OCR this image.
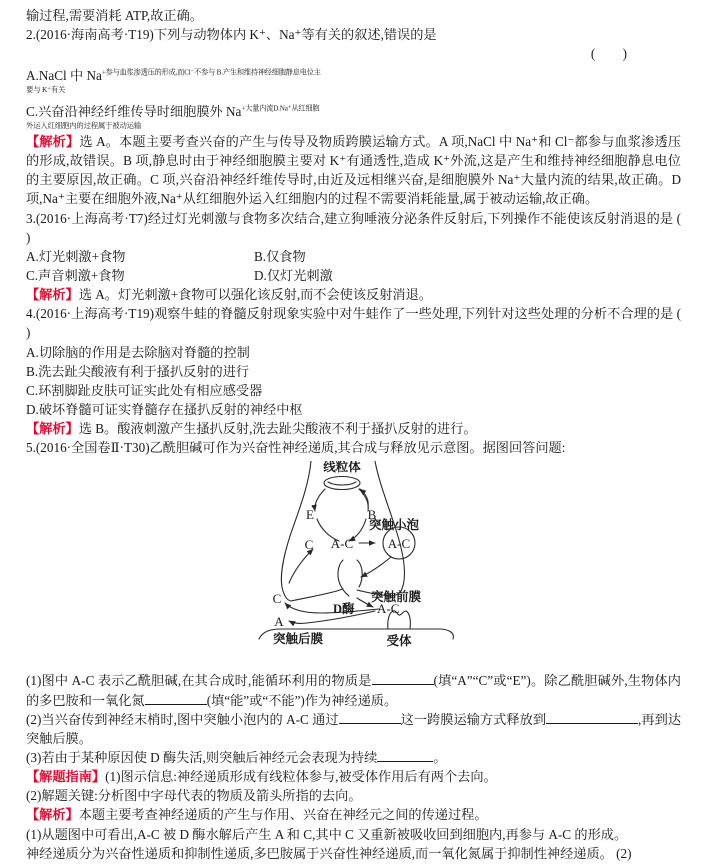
输过程,需要消耗 ATP,故正确。

2.(2016·海南高考·T19)下列与动物体内 K⁺、Na⁺等有关的叙述,错误的是

( )

A.NaCl 中 $Na^{+参与血浆渗透压的形成,而Cl^-不参与 B.产生和维持神经细胞静息电位主}$

要与 K⁺有关

C.兴奋沿神经纤维传导时细胞膜外 $Na^{+大量内流D.Na^+从红细胞}$

外运入红细胞内的过程属于被动运输

【解析】选 A。本题主要考查兴奋的产生与传导及物质跨膜运输方式。A 项,NaCl 中 Na⁺和 Cl⁻都参与血浆渗透压的形成,故错误。B 项,静息时由于神经细胞膜主要对 K⁺有通透性,造成 K⁺外流,这是产生和维持神经细胞静息电位的主要原因,故正确。C 项,兴奋沿神经纤维传导时,由近及远相继兴奋,是细胞膜外 Na⁺大量内流的结果,故正确。D 项,Na⁺主要在细胞外液,Na⁺从红细胞外运入红细胞内的过程不需要消耗能量,属于被动运输,故正确。

3.(2016·上海高考·T7)经过灯光刺激与食物多次结合,建立狗唾液分泌条件反射后,下列操作不能使该反射消退的是 ( )

A.灯光刺激+食物	B.仅食物
C.声音刺激+食物	D.仅灯光刺激

【解析】选 A。灯光刺激+食物可以强化该反射,而不会使该反射消退。

4.(2016·上海高考·T19)观察牛蛙的脊髓反射现象实验中对牛蛙作了一些处理,下列针对这些处理的分析不合理的是 ( )

A.切除脑的作用是去除脑对脊髓的控制

B.洗去趾尖酸液有利于搔扒反射的进行

C.环割脚趾皮肤可证实此处有相应感受器

D.破坏脊髓可证实脊髓存在搔扒反射的神经中枢

【解析】选 B。酸液刺激产生搔扒反射,洗去趾尖酸液不利于搔扒反射的进行。

5.(2016·全国卷Ⅱ·T30)乙酰胆碱可作为兴奋性神经递质,其合成与释放见示意图。据图回答问题:

线粒体
E	B
突触小泡
C A-C	A-C
突触前膜
C
D酶 A-C
A
突触后膜	受体

(1)图中 A-C 表示乙酰胆碱,在其合成时,能循环利用的物质是	(填“A”“C”或“E”)。除乙酰胆碱外,生物体内的多巴胺和一氧化氮	(填“能”或“不能”)作为神经递质。

(2)当兴奋传到神经末梢时,图中突触小泡内的 A-C 通过	这一跨膜运输方式释放到	,再到达突触后膜。

(3)若由于某种原因使 D 酶失活,则突触后神经元会表现为持续	。

【解题指南】(1)图示信息:神经递质形成有线粒体参与,被受体作用后有两个去向。

(2)解题关键:分析图中字母代表的物质及箭头所指的去向。

【解析】本题主要考查神经递质的产生与作用、兴奋在神经元之间的传递过程。

(1)从题图中可看出,A-C 被 D 酶水解后产生 A 和 C,其中 C 又重新被吸收回到细胞内,再参与 A-C 的形成。

神经递质分为兴奋性递质和抑制性递质,多巴胺属于兴奋性神经递质,而一氧化氮属于抑制性神经递质。 (2)
